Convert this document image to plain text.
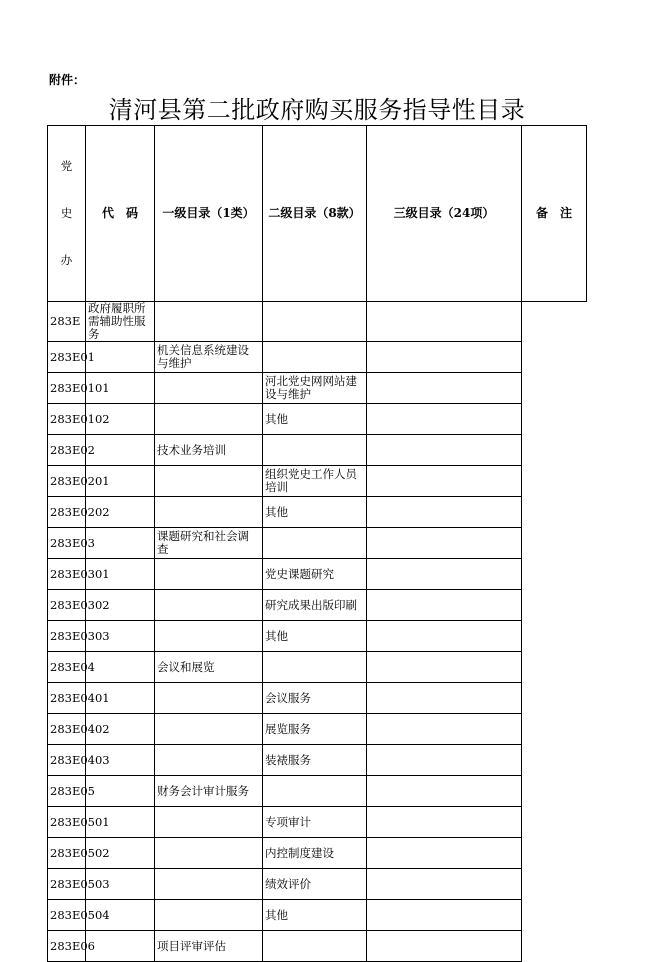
附件：
清河县第二批政府购买服务指导性目录
党
史
办	代　码	一级目录（1类）	二级目录（8款）	三级目录（24项）	备　注
283E	政府履职所需辅助性服务				
283E01		机关信息系统建设与维护			
283E0101			河北党史网网站建设与维护		
283E0102			其他		
283E02		技术业务培训			
283E0201			组织党史工作人员培训		
283E0202			其他		
283E03		课题研究和社会调查			
283E0301			党史课题研究		
283E0302			研究成果出版印刷		
283E0303			其他		
283E04		会议和展览			
283E0401			会议服务		
283E0402			展览服务		
283E0403			装裱服务		
283E05		财务会计审计服务			
283E0501			专项审计		
283E0502			内控制度建设		
283E0503			绩效评价		
283E0504			其他		
283E06		项目评审评估			
